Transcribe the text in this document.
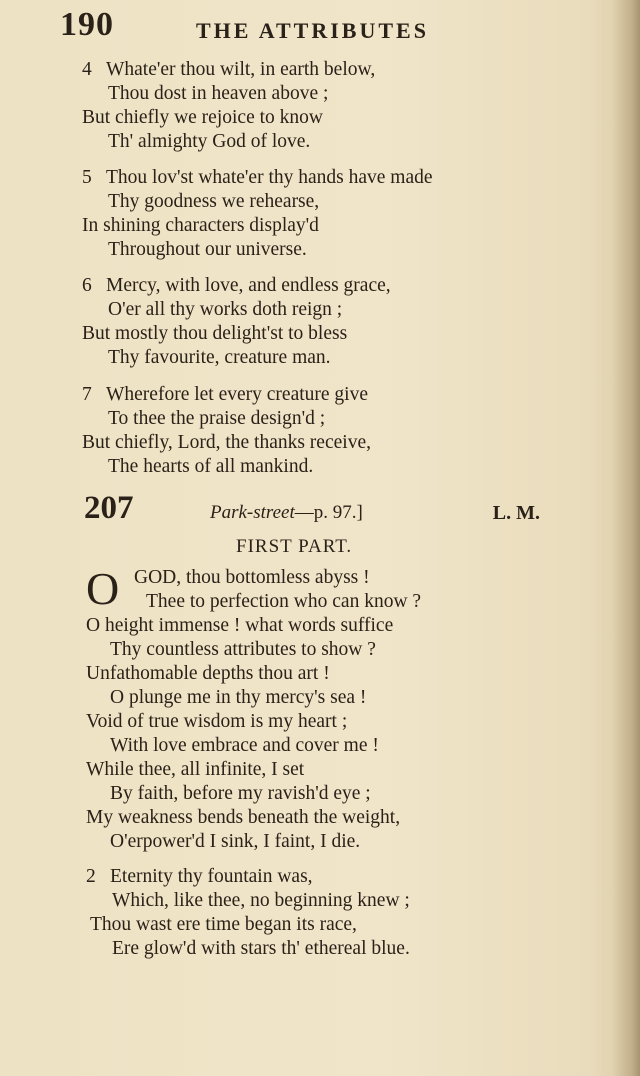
190	THE ATTRIBUTES
4 Whate'er thou wilt, in earth below,
Thou dost in heaven above ;
But chiefly we rejoice to know
Th' almighty God of love.
5 Thou lov'st whate'er thy hands have made
Thy goodness we rehearse,
In shining characters display'd
Throughout our universe.
6 Mercy, with love, and endless grace,
O'er all thy works doth reign ;
But mostly thou delight'st to bless
Thy favourite, creature man.
7 Wherefore let every creature give
To thee the praise design'd ;
But chiefly, Lord, the thanks receive,
The hearts of all mankind.
207	Park-street—p. 97.]	L. M.
FIRST PART.
O GOD, thou bottomless abyss !
Thee to perfection who can know ?
O height immense ! what words suffice
Thy countless attributes to show ?
Unfathomable depths thou art !
O plunge me in thy mercy's sea !
Void of true wisdom is my heart ;
With love embrace and cover me !
While thee, all infinite, I set
By faith, before my ravish'd eye ;
My weakness bends beneath the weight,
O'erpower'd I sink, I faint, I die.
2 Eternity thy fountain was,
Which, like thee, no beginning knew ;
Thou wast ere time began its race,
Ere glow'd with stars th' ethereal blue.
